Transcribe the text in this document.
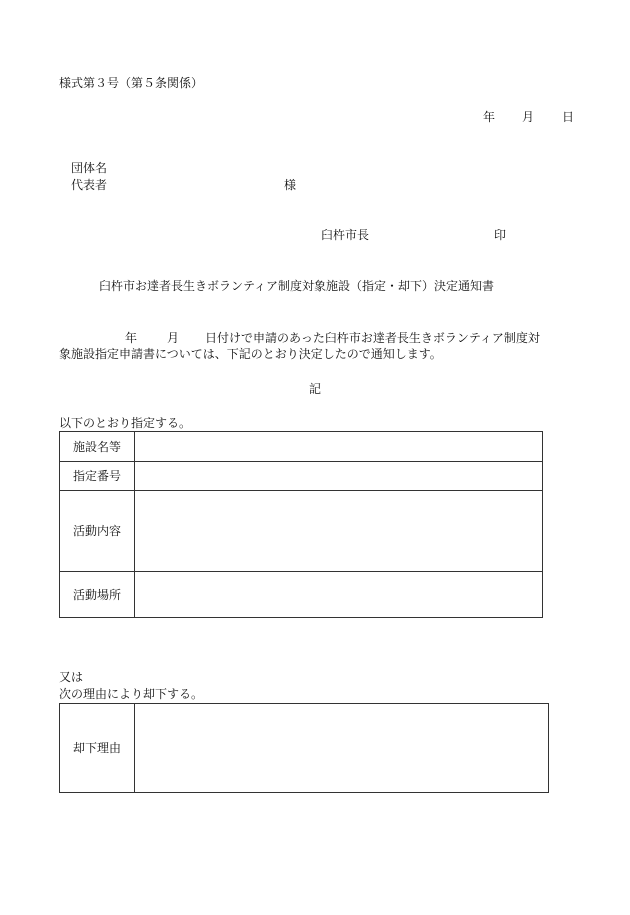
様式第３号（第５条関係）
年 月 日
団体名
代表者	様
臼杵市長	印
臼杵市お達者長生きボランティア制度対象施設（指定・却下）決定通知書
年 月 日付けで申請のあった臼杵市お達者長生きボランティア制度対
象施設指定申請書については、下記のとおり決定したので通知します。
記
以下のとおり指定する。
施設名等	
指定番号	
活動内容	
活動場所	
又は
次の理由により却下する。
却下理由	
